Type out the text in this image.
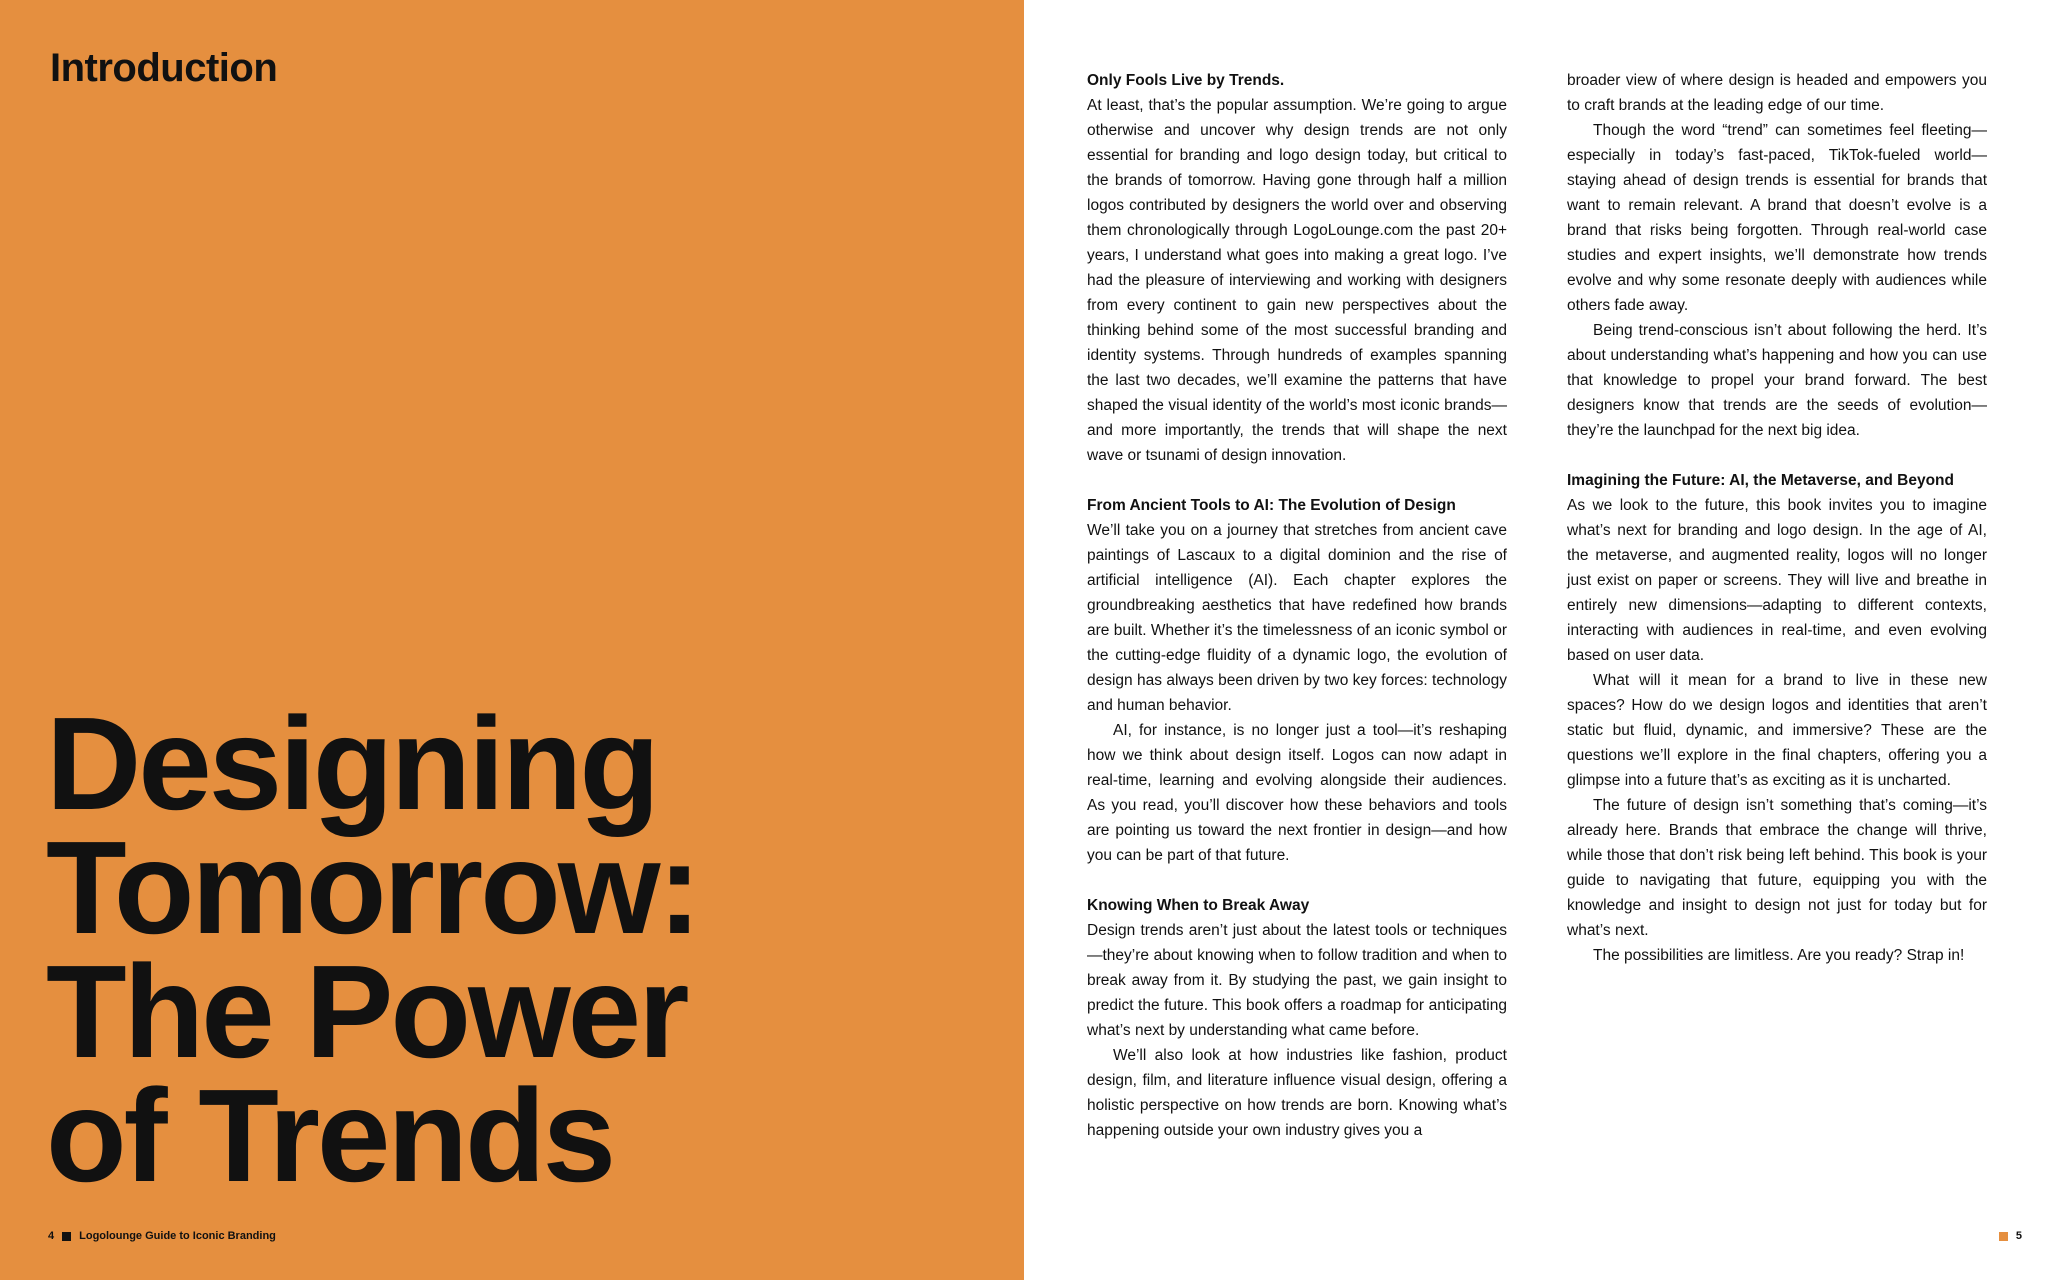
Introduction
Designing
Tomorrow:
The Power
of Trends
4 Logolounge Guide to Iconic Branding
Only Fools Live by Trends.

At least, that’s the popular assumption. We’re going to argue otherwise and uncover why design trends are not only essential for branding and logo design today, but critical to the brands of tomorrow. Having gone through half a million logos contributed by designers the world over and observing them chronologically through LogoLounge.com the past 20+ years, I understand what goes into making a great logo. I’ve had the pleasure of interviewing and working with designers from every continent to gain new perspectives about the thinking behind some of the most successful branding and identity systems. Through hundreds of examples spanning the last two decades, we’ll examine the patterns that have shaped the visual identity of the world’s most iconic brands—and more importantly, the trends that will shape the next wave or tsunami of design innovation.

From Ancient Tools to AI: The Evolution of Design

We’ll take you on a journey that stretches from ancient cave paintings of Lascaux to a digital dominion and the rise of artificial intelligence (AI). Each chapter explores the groundbreaking aesthetics that have redefined how brands are built. Whether it’s the timelessness of an iconic symbol or the cutting-edge fluidity of a dynamic logo, the evolution of design has always been driven by two key forces: technology and human behavior.

AI, for instance, is no longer just a tool—it’s reshaping how we think about design itself. Logos can now adapt in real-time, learning and evolving alongside their audiences. As you read, you’ll discover how these behaviors and tools are pointing us toward the next frontier in design—and how you can be part of that future.

Knowing When to Break Away

Design trends aren’t just about the latest tools or techniques—they’re about knowing when to follow tradition and when to break away from it. By studying the past, we gain insight to predict the future. This book offers a roadmap for anticipating what’s next by understanding what came before.

We’ll also look at how industries like fashion, product design, film, and literature influence visual design, offering a holistic perspective on how trends are born. Knowing what’s happening outside your own industry gives you a

broader view of where design is headed and empowers you to craft brands at the leading edge of our time.

Though the word “trend” can sometimes feel fleeting—especially in today’s fast-paced, TikTok-fueled world—staying ahead of design trends is essential for brands that want to remain relevant. A brand that doesn’t evolve is a brand that risks being forgotten. Through real-world case studies and expert insights, we’ll demonstrate how trends evolve and why some resonate deeply with audiences while others fade away.

Being trend-conscious isn’t about following the herd. It’s about understanding what’s happening and how you can use that knowledge to propel your brand forward. The best designers know that trends are the seeds of evolution—they’re the launchpad for the next big idea.

Imagining the Future: AI, the Metaverse, and Beyond

As we look to the future, this book invites you to imagine what’s next for branding and logo design. In the age of AI, the metaverse, and augmented reality, logos will no longer just exist on paper or screens. They will live and breathe in entirely new dimensions—adapting to different contexts, interacting with audiences in real-time, and even evolving based on user data.

What will it mean for a brand to live in these new spaces? How do we design logos and identities that aren’t static but fluid, dynamic, and immersive? These are the questions we’ll explore in the final chapters, offering you a glimpse into a future that’s as exciting as it is uncharted.

The future of design isn’t something that’s coming—it’s already here. Brands that embrace the change will thrive, while those that don’t risk being left behind. This book is your guide to navigating that future, equipping you with the knowledge and insight to design not just for today but for what’s next.

The possibilities are limitless. Are you ready? Strap in!

5
